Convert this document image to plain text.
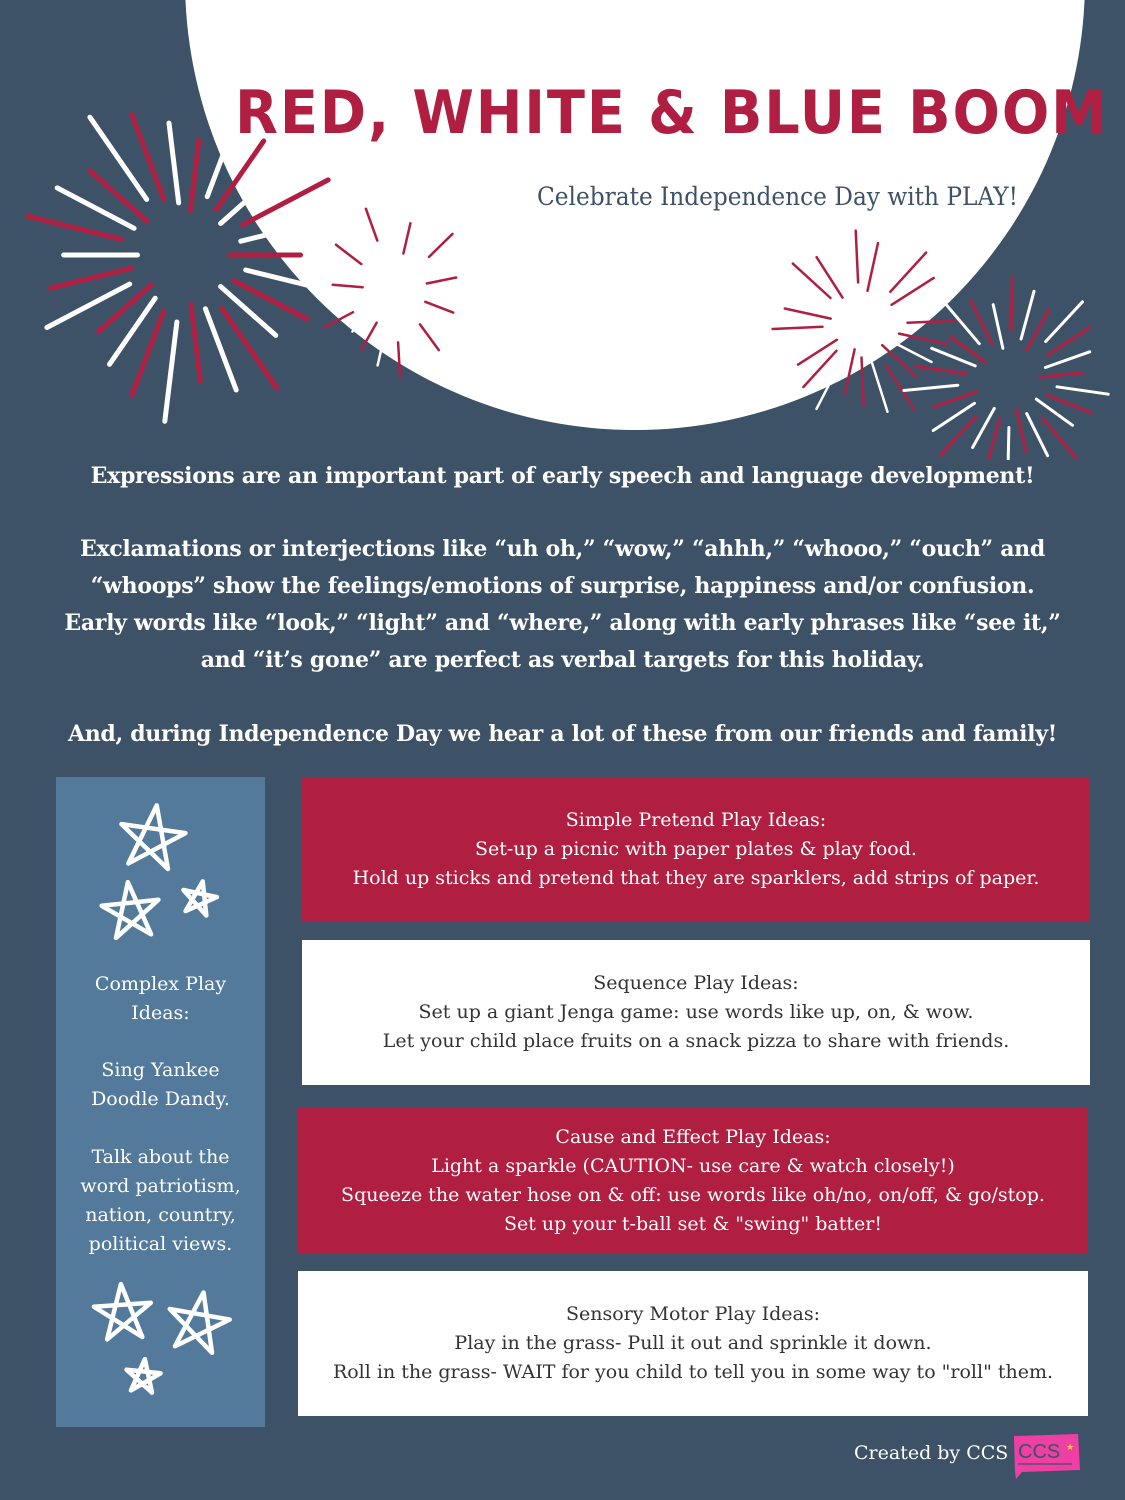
RED, WHITE & BLUE BOOM
Celebrate Independence Day with PLAY!

Expressions are an important part of early speech and language development!

Exclamations or interjections like “uh oh,” “wow,” “ahhh,” “whooo,” “ouch” and “whoops” show the feelings/emotions of surprise, happiness and/or confusion. Early words like “look,” “light” and “where,” along with early phrases like “see it,” and “it’s gone” are perfect as verbal targets for this holiday.

And, during Independence Day we hear a lot of these from our friends and family!

Complex Play Ideas:

Sing Yankee Doodle Dandy.

Talk about the word patriotism, nation, country, political views.

Simple Pretend Play Ideas:
Set-up a picnic with paper plates & play food.
Hold up sticks and pretend that they are sparklers, add strips of paper.
Sequence Play Ideas:
Set up a giant Jenga game: use words like up, on, & wow.
Let your child place fruits on a snack pizza to share with friends.
Cause and Effect Play Ideas:
Light a sparkle (CAUTION- use care & watch closely!)
Squeeze the water hose on & off: use words like oh/no, on/off, & go/stop.
Set up your t-ball set & "swing" batter!
Sensory Motor Play Ideas:
Play in the grass- Pull it out and sprinkle it down.
Roll in the grass- WAIT for you child to tell you in some way to "roll" them.
Created by CCS CCS ★
